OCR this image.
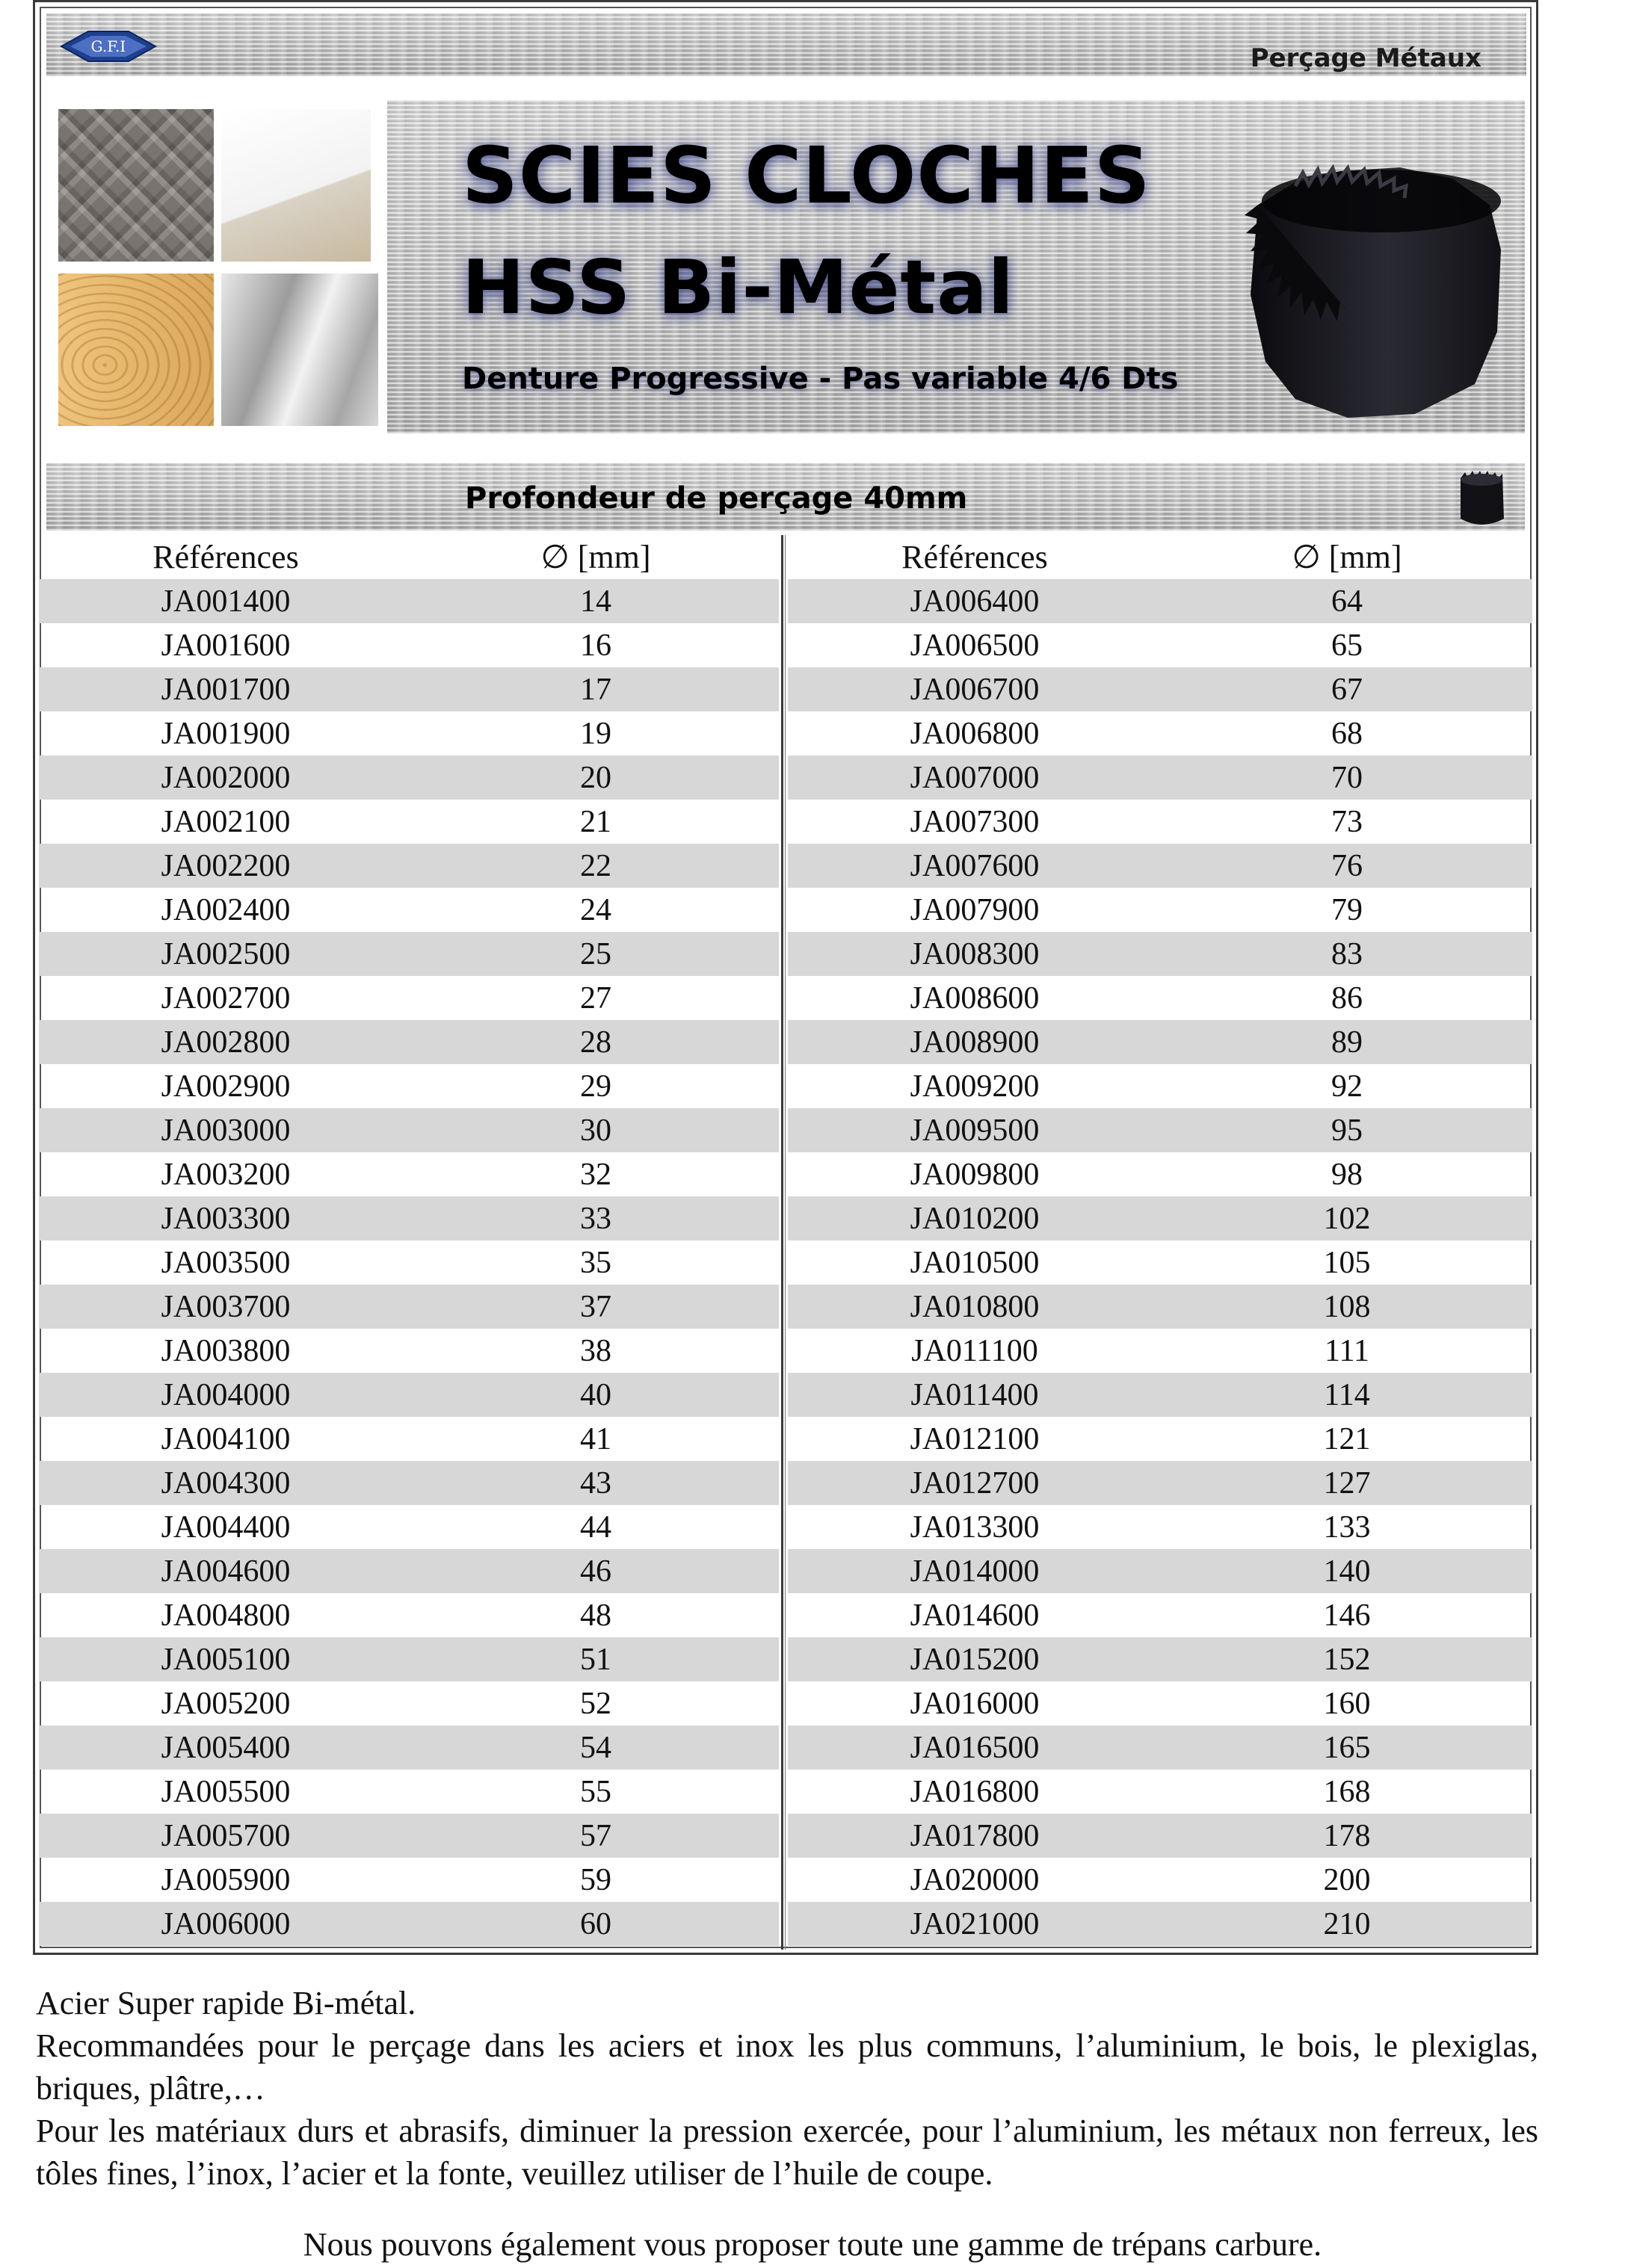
Perçage Métaux
G.F.I
SCIES CLOCHES
HSS Bi-Métal
Denture Progressive - Pas variable 4/6 Dts
Profondeur de perçage 40mm
Références	∅ [mm]
JA001400	14
JA001600	16
JA001700	17
JA001900	19
JA002000	20
JA002100	21
JA002200	22
JA002400	24
JA002500	25
JA002700	27
JA002800	28
JA002900	29
JA003000	30
JA003200	32
JA003300	33
JA003500	35
JA003700	37
JA003800	38
JA004000	40
JA004100	41
JA004300	43
JA004400	44
JA004600	46
JA004800	48
JA005100	51
JA005200	52
JA005400	54
JA005500	55
JA005700	57
JA005900	59
JA006000	60
Références	∅ [mm]
JA006400	64
JA006500	65
JA006700	67
JA006800	68
JA007000	70
JA007300	73
JA007600	76
JA007900	79
JA008300	83
JA008600	86
JA008900	89
JA009200	92
JA009500	95
JA009800	98
JA010200	102
JA010500	105
JA010800	108
JA011100	111
JA011400	114
JA012100	121
JA012700	127
JA013300	133
JA014000	140
JA014600	146
JA015200	152
JA016000	160
JA016500	165
JA016800	168
JA017800	178
JA020000	200
JA021000	210

Acier Super rapide Bi-métal.

Recommandées pour le perçage dans les aciers et inox les plus communs, l’aluminium, le bois, le plexiglas, briques, plâtre,…

Pour les matériaux durs et abrasifs, diminuer la pression exercée, pour l’aluminium, les métaux non ferreux, les tôles fines, l’inox, l’acier et la fonte, veuillez utiliser de l’huile de coupe.

Nous pouvons également vous proposer toute une gamme de trépans carbure.
